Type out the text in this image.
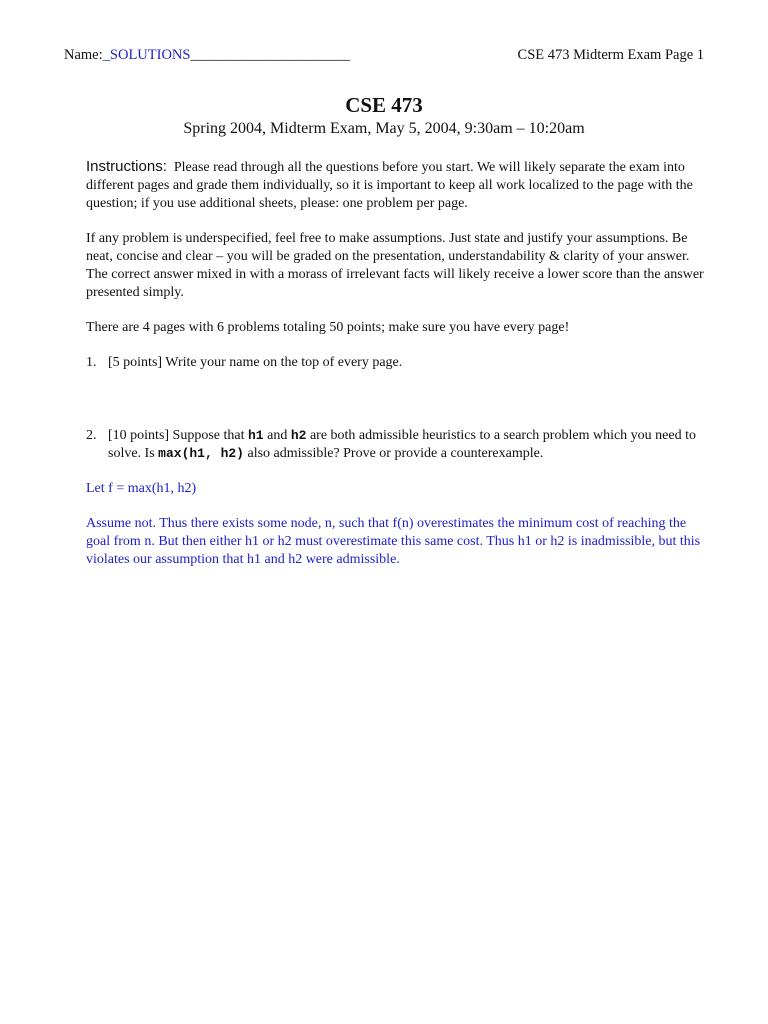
Name:_SOLUTIONS______________________	CSE 473 Midterm Exam Page 1
CSE 473
Spring 2004, Midterm Exam, May 5, 2004, 9:30am – 10:20am

Instructions: Please read through all the questions before you start. We will likely separate the exam into different pages and grade them individually, so it is important to keep all work localized to the page with the question; if you use additional sheets, please: one problem per page.

If any problem is underspecified, feel free to make assumptions. Just state and justify your assumptions. Be neat, concise and clear – you will be graded on the presentation, understandability & clarity of your answer. The correct answer mixed in with a morass of irrelevant facts will likely receive a lower score than the answer presented simply.

There are 4 pages with 6 problems totaling 50 points; make sure you have every page!

1. [5 points] Write your name on the top of every page.

2. [10 points] Suppose that h1 and h2 are both admissible heuristics to a search problem which you need to solve. Is max(h1, h2) also admissible? Prove or provide a counterexample.

Let f = max(h1, h2)

Assume not. Thus there exists some node, n, such that f(n) overestimates the minimum cost of reaching the goal from n. But then either h1 or h2 must overestimate this same cost. Thus h1 or h2 is inadmissible, but this violates our assumption that h1 and h2 were admissible.
